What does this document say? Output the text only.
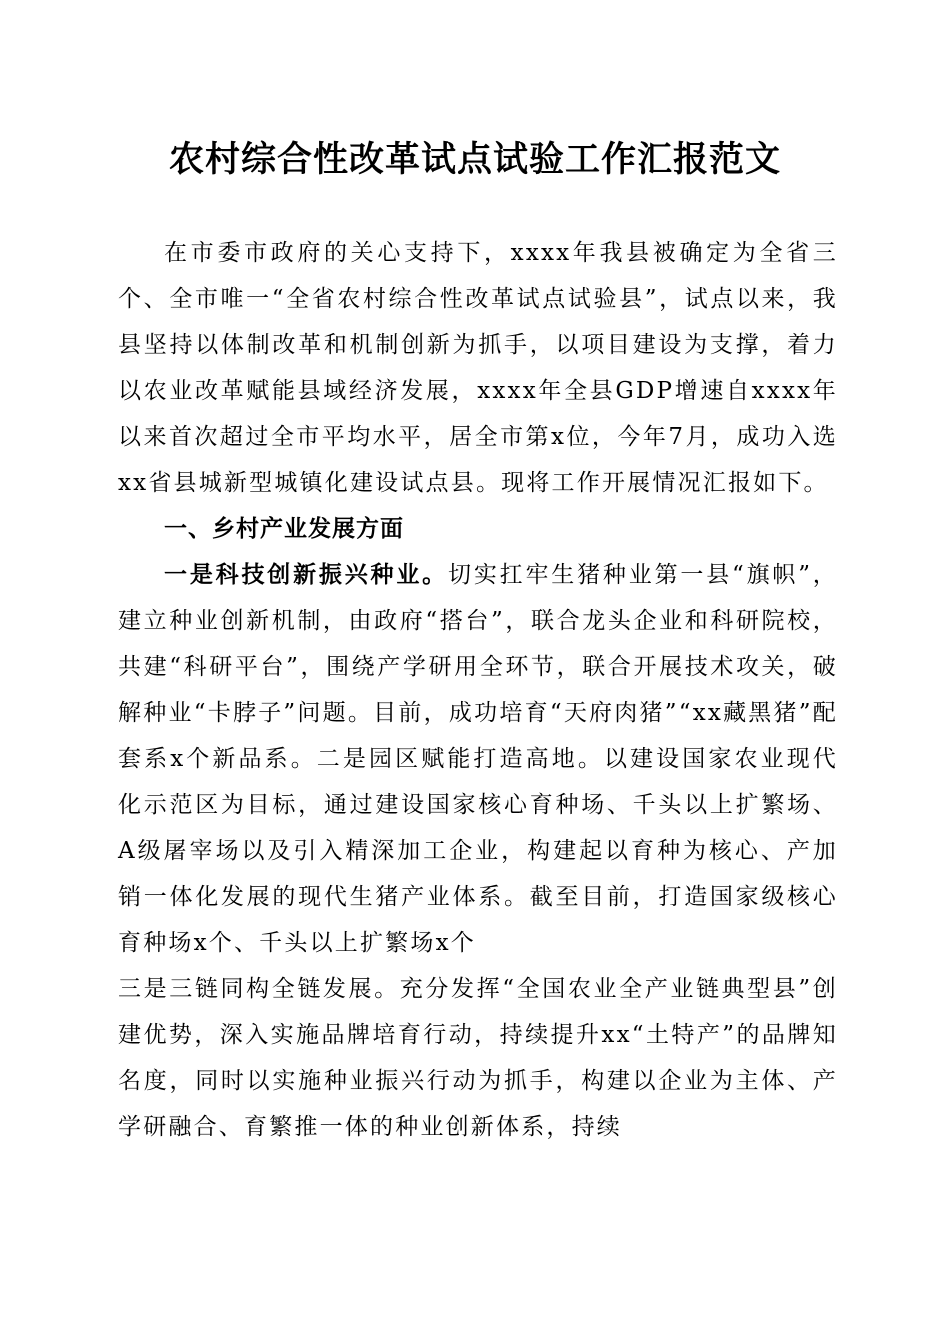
农村综合性改革试点试验工作汇报范文

在市委市政府的关心支持下，xxxx年我县被确定为全省三个、全市唯一“全省农村综合性改革试点试验县”，试点以来，我县坚持以体制改革和机制创新为抓手，以项目建设为支撑，着力以农业改革赋能县域经济发展，xxxx年全县GDP增速自xxxx年以来首次超过全市平均水平，居全市第x位，今年7月，成功入选xx省县城新型城镇化建设试点县。现将工作开展情况汇报如下。

一、乡村产业发展方面

一是科技创新振兴种业。切实扛牢生猪种业第一县“旗帜”，建立种业创新机制，由政府“搭台”，联合龙头企业和科研院校，共建“科研平台”，围绕产学研用全环节，联合开展技术攻关，破解种业“卡脖子”问题。目前，成功培育“天府肉猪”“xx藏黑猪”配套系x个新品系。二是园区赋能打造高地。以建设国家农业现代化示范区为目标，通过建设国家核心育种场、千头以上扩繁场、A级屠宰场以及引入精深加工企业，构建起以育种为核心、产加销一体化发展的现代生猪产业体系。截至目前，打造国家级核心育种场x个、千头以上扩繁场x个

三是三链同构全链发展。充分发挥“全国农业全产业链典型县”创建优势，深入实施品牌培育行动，持续提升xx“土特产”的品牌知名度，同时以实施种业振兴行动为抓手，构建以企业为主体、产学研融合、育繁推一体的种业创新体系，持续
